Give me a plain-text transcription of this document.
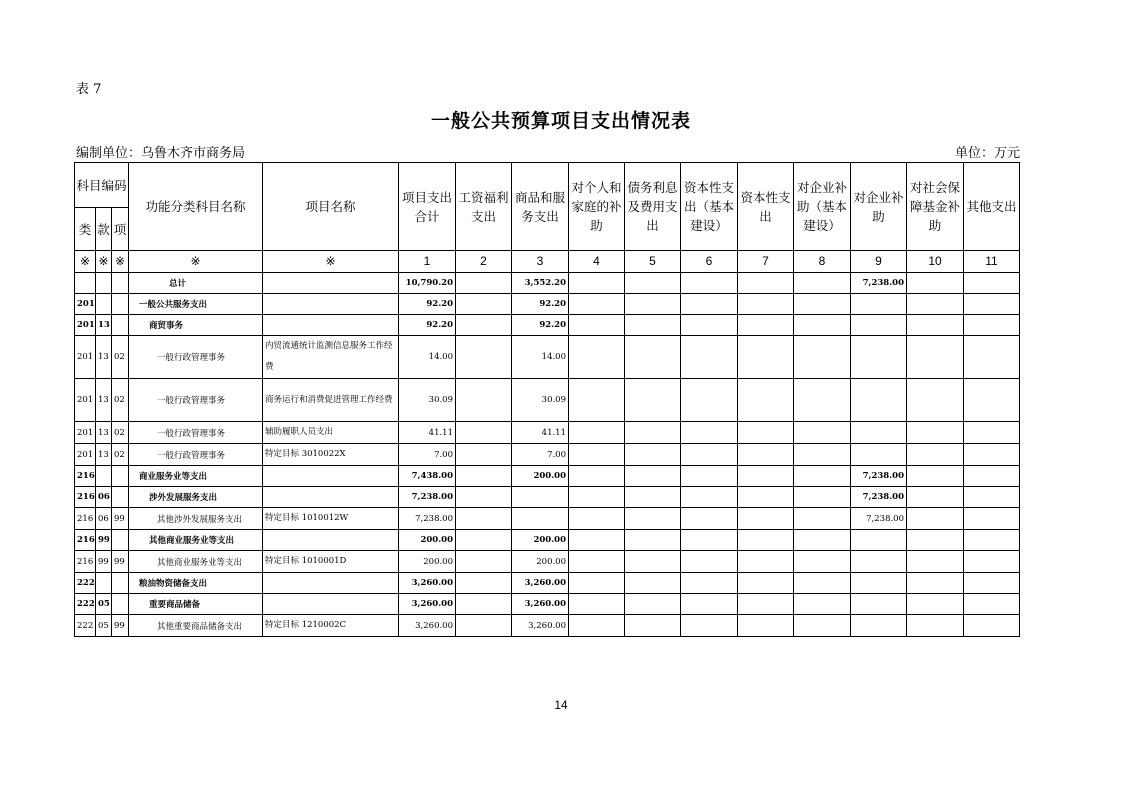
表 7
一般公共预算项目支出情况表
编制单位：乌鲁木齐市商务局	单位：万元
科目编码			功能分类科目名称	项目名称	项目支出合计	工资福利支出	商品和服务支出	对个人和家庭的补助	债务利息及费用支出	资本性支出（基本建设）	资本性支出	对企业补助（基本建设）	对企业补助	对社会保障基金补助	其他支出
类	款	项													
※	※	※	※	※	1	2	3	4	5	6	7	8	9	10	11
			总计		10,790.20		3,552.20						7,238.00		
201			一般公共服务支出		92.20		92.20								
201	13		商贸事务		92.20		92.20								
201	13	02	一般行政管理事务	内贸流通统计监测信息服务工作经费	14.00		14.00								
201	13	02	一般行政管理事务	商务运行和消费促进管理工作经费	30.09		30.09								
201	13	02	一般行政管理事务	辅助履职人员支出	41.11		41.11								
201	13	02	一般行政管理事务	特定目标 3010022X	7.00		7.00								
216			商业服务业等支出		7,438.00		200.00						7,238.00		
216	06		涉外发展服务支出		7,238.00								7,238.00		
216	06	99	其他涉外发展服务支出	特定目标 1010012W	7,238.00								7,238.00		
216	99		其他商业服务业等支出		200.00		200.00								
216	99	99	其他商业服务业等支出	特定目标 1010001D	200.00		200.00								
222			粮油物资储备支出		3,260.00		3,260.00								
222	05		重要商品储备		3,260.00		3,260.00								
222	05	99	其他重要商品储备支出	特定目标 1210002C	3,260.00		3,260.00								
14
